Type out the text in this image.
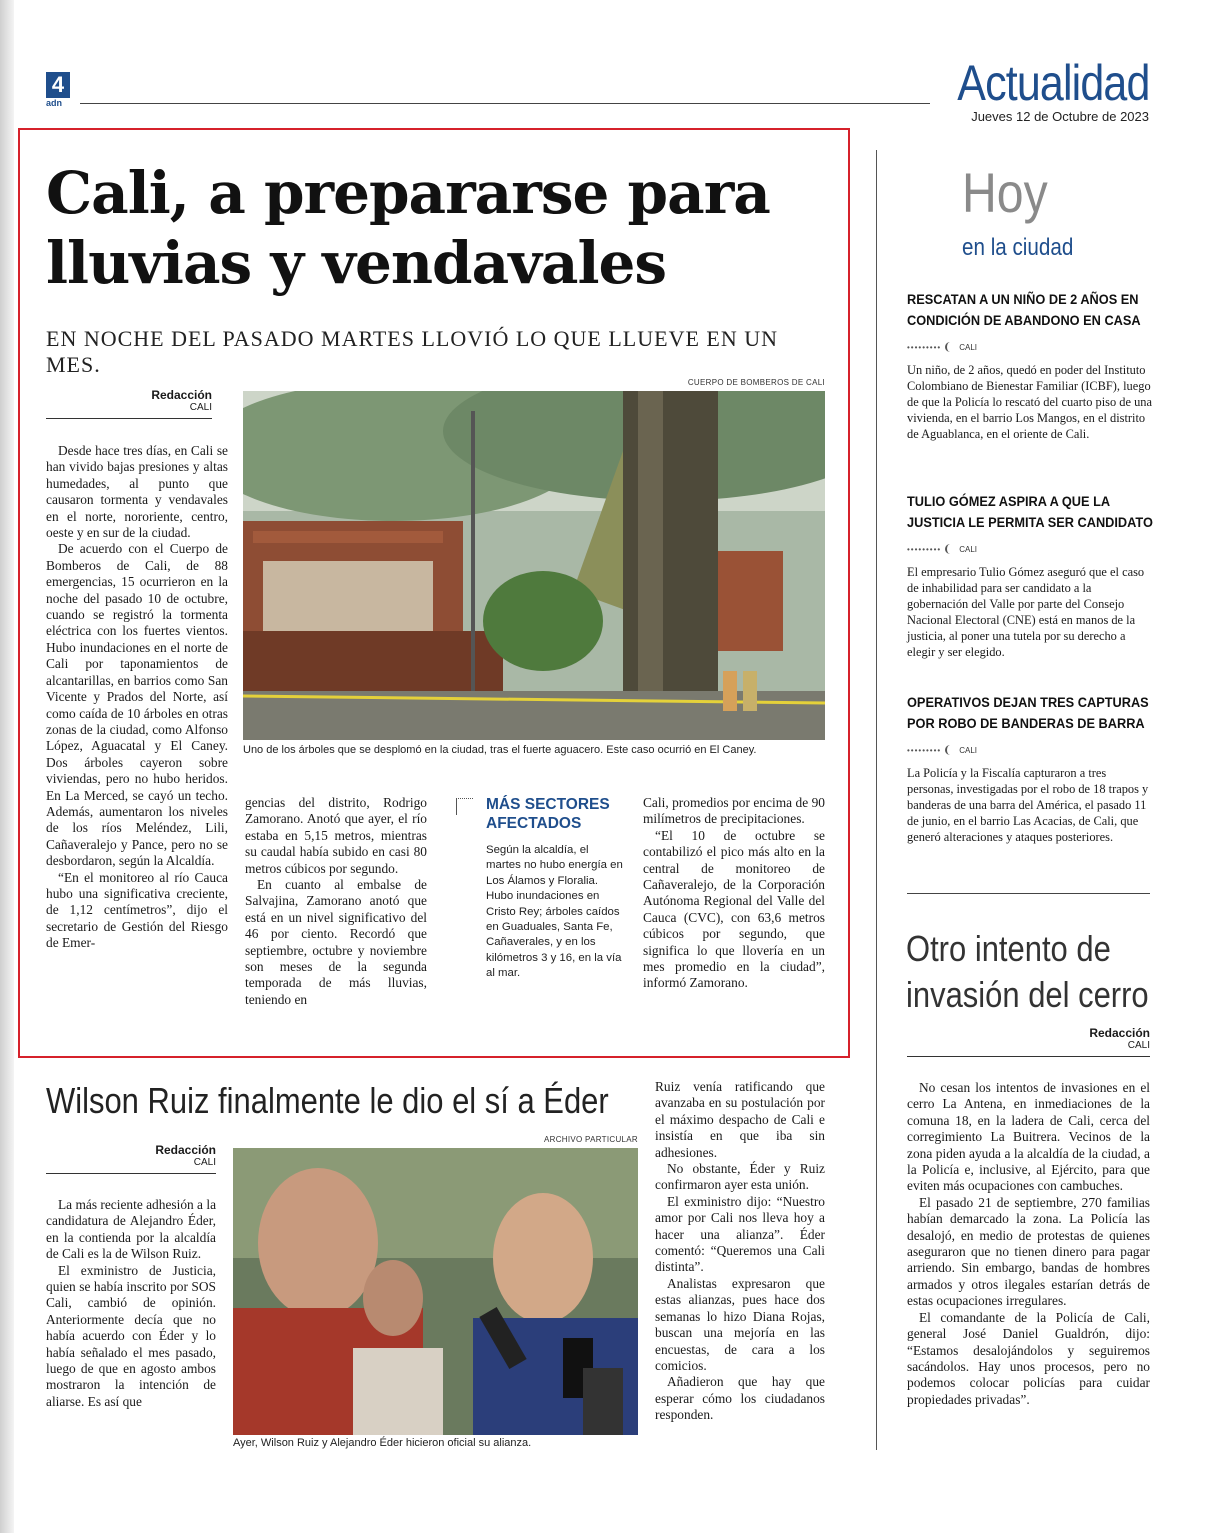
4
adn	Actualidad
Jueves 12 de Octubre de 2023
Cali, a prepararse para lluvias y vendavales
EN NOCHE DEL PASADO MARTES LLOVIÓ LO QUE LLUEVE EN UN MES.
Redacción
CALI
CUERPO DE BOMBEROS DE CALI
Uno de los árboles que se desplomó en la ciudad, tras el fuerte aguacero. Este caso ocurrió en El Caney.

Desde hace tres días, en Cali se han vivido bajas presiones y altas humedades, al punto que causaron tormenta y vendavales en el norte, nororiente, centro, oeste y en sur de la ciudad.

De acuerdo con el Cuerpo de Bomberos de Cali, de 88 emergencias, 15 ocurrieron en la noche del pasado 10 de octubre, cuando se registró la tormenta eléctrica con los fuertes vientos. Hubo inundaciones en el norte de Cali por taponamientos de alcantarillas, en barrios como San Vicente y Prados del Norte, así como caída de 10 árboles en otras zonas de la ciudad, como Alfonso López, Aguacatal y El Caney. Dos árboles cayeron sobre viviendas, pero no hubo heridos. En La Merced, se cayó un techo. Además, aumentaron los niveles de los ríos Meléndez, Lili, Cañaveralejo y Pance, pero no se desbordaron, según la Alcaldía.

“En el monitoreo al río Cauca hubo una significativa creciente, de 1,12 centímetros”, dijo el secretario de Gestión del Riesgo de Emer-

gencias del distrito, Rodrigo Zamorano. Anotó que ayer, el río estaba en 5,15 metros, mientras su caudal había subido en casi 80 metros cúbicos por segundo.

En cuanto al embalse de Salvajina, Zamorano anotó que está en un nivel significativo del 46 por ciento. Recordó que septiembre, octubre y noviembre son meses de la segunda temporada de más lluvias, teniendo en

MÁS SECTORES AFECTADOS
Según la alcaldía, el martes no hubo energía en Los Álamos y Floralia. Hubo inundaciones en Cristo Rey; árboles caídos en Guaduales, Santa Fe, Cañaverales, y en los kilómetros 3 y 16, en la vía al mar.

Cali, promedios por encima de 90 milímetros de precipitaciones.

“El 10 de octubre se contabilizó el pico más alto en la central de monitoreo de Cañaveralejo, de la Corporación Autónoma Regional del Valle del Cauca (CVC), con 63,6 metros cúbicos por segundo, que significa lo que llovería en un mes promedio en la ciudad”, informó Zamorano.

Wilson Ruiz finalmente le dio el sí a Éder
Redacción
CALI
ARCHIVO PARTICULAR
Ayer, Wilson Ruiz y Alejandro Éder hicieron oficial su alianza.

La más reciente adhesión a la candidatura de Alejandro Éder, en la contienda por la alcaldía de Cali es la de Wilson Ruiz.

El exministro de Justicia, quien se había inscrito por SOS Cali, cambió de opinión. Anteriormente decía que no había acuerdo con Éder y lo había señalado el mes pasado, luego de que en agosto ambos mostraron la intención de aliarse. Es así que

Ruiz venía ratificando que avanzaba en su postulación por el máximo despacho de Cali e insistía en que iba sin adhesiones.

No obstante, Éder y Ruiz confirmaron ayer esta unión.

El exministro dijo: “Nuestro amor por Cali nos lleva hoy a hacer una alianza”. Éder comentó: “Queremos una Cali distinta”.

Analistas expresaron que estas alianzas, pues hace dos semanas lo hizo Diana Rojas, buscan una mejoría en las encuestas, de cara a los comicios.

Añadieron que hay que esperar cómo los ciudadanos responden.

Hoy
en la ciudad
RESCATAN A UN NIÑO DE 2 AÑOS EN
CONDICIÓN DE ABANDONO EN CASA
••••••••• CALI
Un niño, de 2 años, quedó en poder del Instituto Colombiano de Bienestar Familiar (ICBF), luego de que la Policía lo rescató del cuarto piso de una vivienda, en el barrio Los Mangos, en el distrito de Aguablanca, en el oriente de Cali.
TULIO GÓMEZ ASPIRA A QUE LA
JUSTICIA LE PERMITA SER CANDIDATO
••••••••• CALI
El empresario Tulio Gómez aseguró que el caso de inhabilidad para ser candidato a la gobernación del Valle por parte del Consejo Nacional Electoral (CNE) está en manos de la justicia, al poner una tutela por su derecho a elegir y ser elegido.
OPERATIVOS DEJAN TRES CAPTURAS
POR ROBO DE BANDERAS DE BARRA
••••••••• CALI
La Policía y la Fiscalía capturaron a tres personas, investigadas por el robo de 18 trapos y banderas de una barra del América, el pasado 11 de junio, en el barrio Las Acacias, de Cali, que generó alteraciones y ataques posteriores.
Otro intento de
invasión del cerro
Redacción
CALI

No cesan los intentos de invasiones en el cerro La Antena, en inmediaciones de la comuna 18, en la ladera de Cali, cerca del corregimiento La Buitrera. Vecinos de la zona piden ayuda a la alcaldía de la ciudad, a la Policía e, inclusive, al Ejército, para que eviten más ocupaciones con cambuches.

El pasado 21 de septiembre, 270 familias habían demarcado la zona. La Policía las desalojó, en medio de protestas de quienes aseguraron que no tienen dinero para pagar arriendo. Sin embargo, bandas de hombres armados y otros ilegales estarían detrás de estas ocupaciones irregulares.

El comandante de la Policía de Cali, general José Daniel Gualdrón, dijo: “Estamos desalojándolos y seguiremos sacándolos. Hay unos procesos, pero no podemos colocar policías para cuidar propiedades privadas”.
